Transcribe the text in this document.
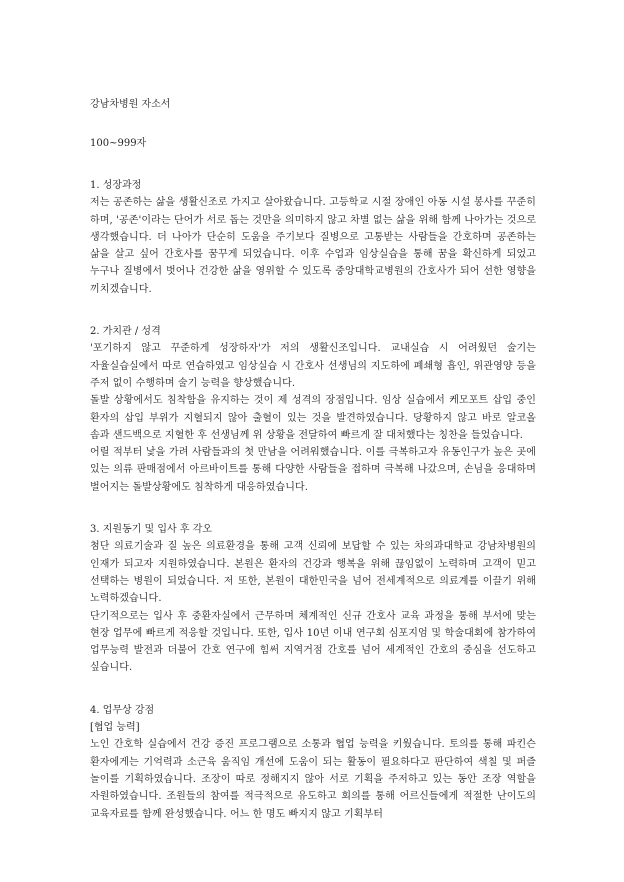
강남차병원 자소서

100~999자

1. 성장과정

저는 공존하는 삶을 생활신조로 가지고 살아왔습니다. 고등학교 시절 장애인 아동 시설 봉사를 꾸준히 하며, '공존'이라는 단어가 서로 돕는 것만을 의미하지 않고 차별 없는 삶을 위해 함께 나아가는 것으로 생각했습니다. 더 나아가 단순히 도움을 주기보다 질병으로 고통받는 사람들을 간호하며 공존하는 삶을 살고 싶어 간호사를 꿈꾸게 되었습니다. 이후 수업과 임상실습을 통해 꿈을 확신하게 되었고 누구나 질병에서 벗어나 건강한 삶을 영위할 수 있도록 중앙대학교병원의 간호사가 되어 선한 영향을 끼치겠습니다.

2. 가치관 / 성격

'포기하지 않고 꾸준하게 성장하자'가 저의 생활신조입니다. 교내실습 시 어려웠던 술기는 자율실습실에서 따로 연습하였고 임상실습 시 간호사 선생님의 지도하에 폐쇄형 흡인, 위관영양 등을 주저 없이 수행하며 술기 능력을 향상했습니다.

돌발 상황에서도 침착함을 유지하는 것이 제 성격의 장점입니다. 임상 실습에서 케모포트 삽입 중인 환자의 삽입 부위가 지혈되지 않아 출혈이 있는 것을 발견하였습니다. 당황하지 않고 바로 알코올 솜과 샌드백으로 지혈한 후 선생님께 위 상황을 전달하여 빠르게 잘 대처했다는 칭찬을 들었습니다.

어릴 적부터 낯을 가려 사람들과의 첫 만남을 어려워했습니다. 이를 극복하고자 유동인구가 높은 곳에 있는 의류 판매점에서 아르바이트를 통해 다양한 사람들을 접하며 극복해 나갔으며, 손님을 응대하며 벌어지는 돌발상황에도 침착하게 대응하였습니다.

3. 지원동기 및 입사 후 각오

첨단 의료기술과 질 높은 의료환경을 통해 고객 신뢰에 보답할 수 있는 차의과대학교 강남차병원의 인재가 되고자 지원하였습니다. 본원은 환자의 건강과 행복을 위해 끊임없이 노력하며 고객이 믿고 선택하는 병원이 되었습니다. 저 또한, 본원이 대한민국을 넘어 전세계적으로 의료계를 이끌기 위해 노력하겠습니다.

단기적으로는 입사 후 중환자실에서 근무하며 체계적인 신규 간호사 교육 과정을 통해 부서에 맞는 현장 업무에 빠르게 적응할 것입니다. 또한, 입사 10년 이내 연구회 심포지엄 및 학술대회에 참가하여 업무능력 발전과 더불어 간호 연구에 힘써 지역거점 간호를 넘어 세계적인 간호의 중심을 선도하고 싶습니다.

4. 업무상 강점

[협업 능력]

노인 간호학 실습에서 건강 증진 프로그램으로 소통과 협업 능력을 키웠습니다. 토의를 통해 파킨슨 환자에게는 기억력과 소근육 움직임 개선에 도움이 되는 활동이 필요하다고 판단하여 색칠 및 퍼즐 놀이를 기획하였습니다. 조장이 따로 정해지지 않아 서로 기획을 주저하고 있는 동안 조장 역할을 자원하였습니다. 조원들의 참여를 적극적으로 유도하고 회의를 통해 어르신들에게 적절한 난이도의 교육자료를 함께 완성했습니다. 어느 한 명도 빠지지 않고 기획부터
